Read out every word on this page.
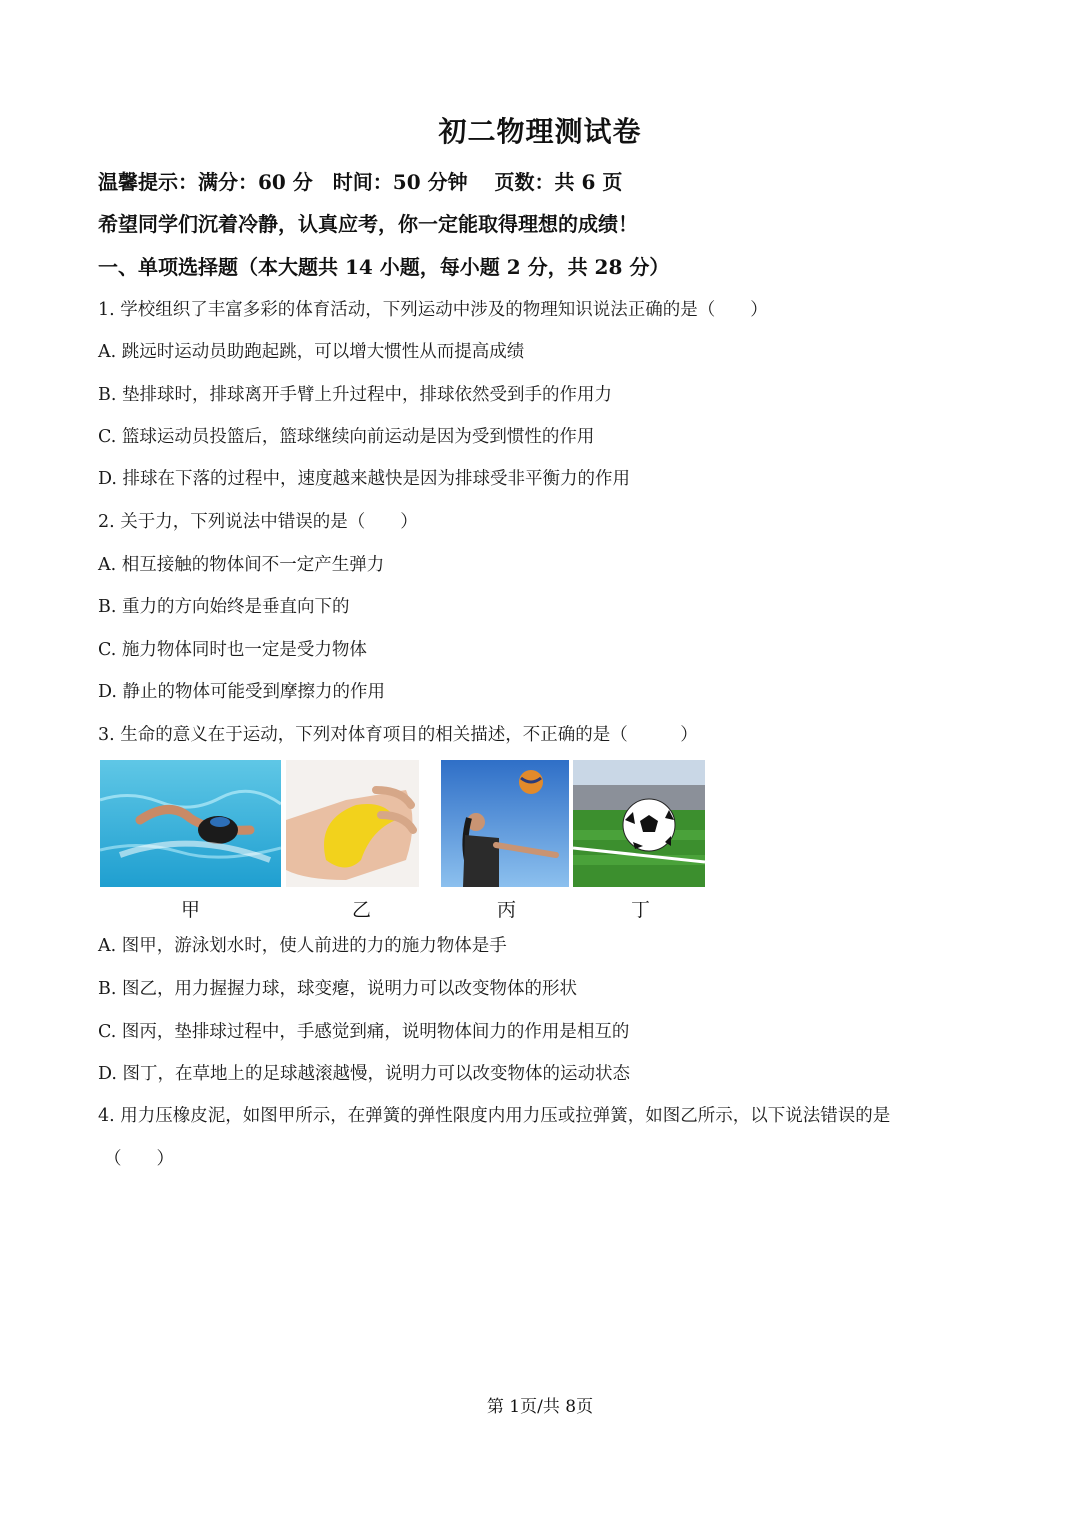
初二物理测试卷
温馨提示：满分：60 分　时间：50 分钟　 页数：共 6 页
希望同学们沉着冷静，认真应考，你一定能取得理想的成绩！
一、单项选择题（本大题共 14 小题，每小题 2 分，共 28 分）
1. 学校组织了丰富多彩的体育活动，下列运动中涉及的物理知识说法正确的是（　　）
A. 跳远时运动员助跑起跳，可以增大惯性从而提高成绩
B. 垫排球时，排球离开手臂上升过程中，排球依然受到手的作用力
C. 篮球运动员投篮后，篮球继续向前运动是因为受到惯性的作用
D. 排球在下落的过程中，速度越来越快是因为排球受非平衡力的作用
2. 关于力，下列说法中错误的是（　　）
A. 相互接触的物体间不一定产生弹力
B. 重力的方向始终是垂直向下的
C. 施力物体同时也一定是受力物体
D. 静止的物体可能受到摩擦力的作用
3. 生命的意义在于运动，下列对体育项目的相关描述，不正确的是（　　　）
甲	乙	丙	丁
A. 图甲，游泳划水时，使人前进的力的施力物体是手
B. 图乙，用力握握力球，球变瘪，说明力可以改变物体的形状
C. 图丙，垫排球过程中，手感觉到痛，说明物体间力的作用是相互的
D. 图丁，在草地上的足球越滚越慢，说明力可以改变物体的运动状态
4. 用力压橡皮泥，如图甲所示，在弹簧的弹性限度内用力压或拉弹簧，如图乙所示，以下说法错误的是
（　　）
第 1页/共 8页
